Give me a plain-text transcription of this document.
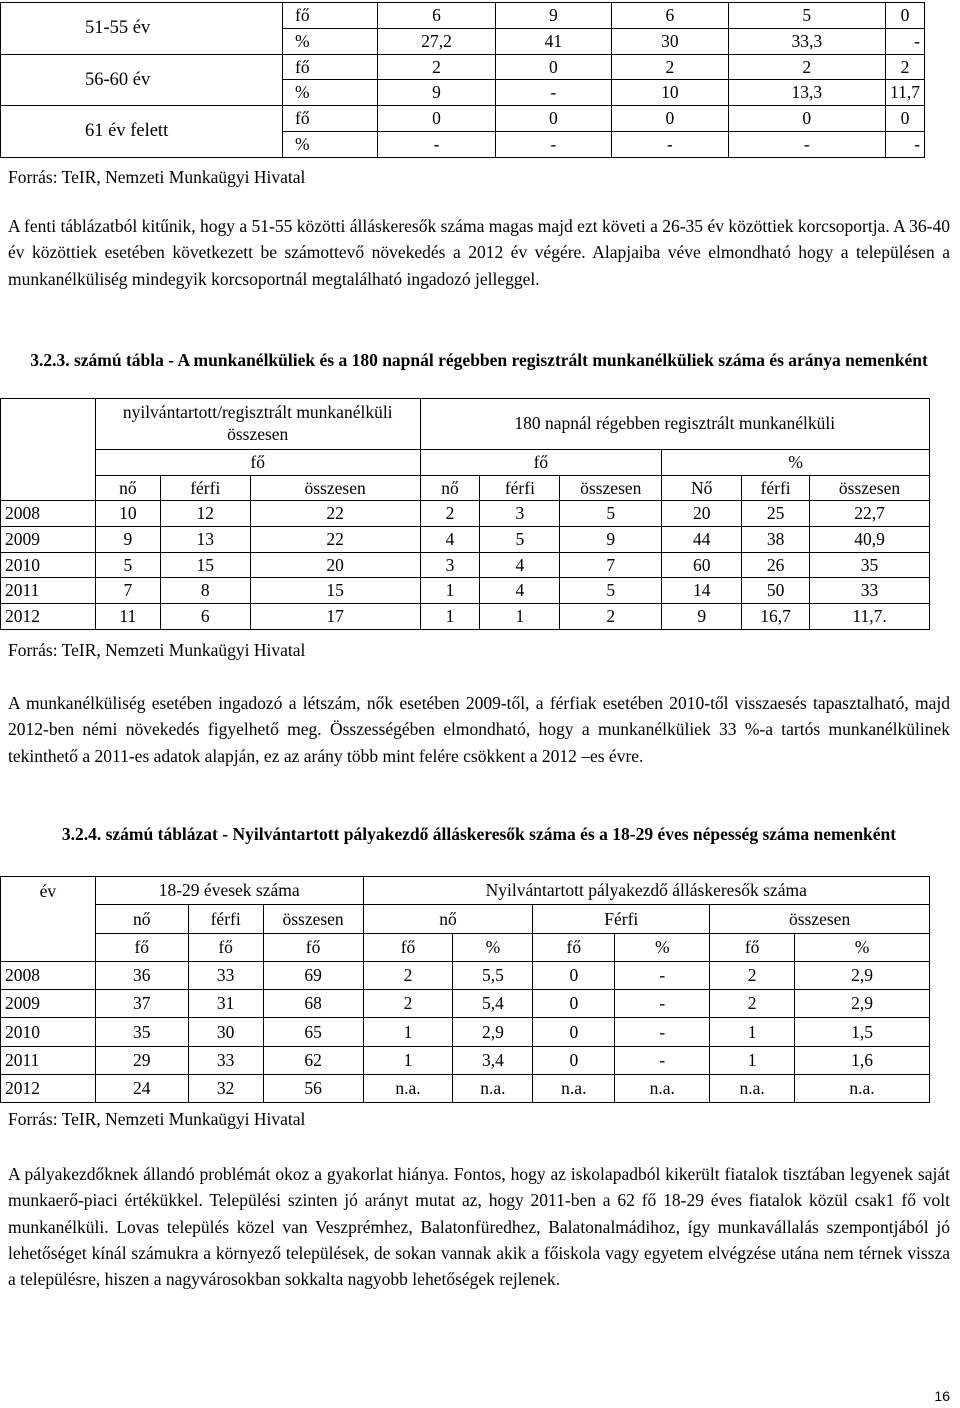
51-55 év	fő	6	9	6	5	0
	%	27,2	41	30	33,3	-
56-60 év	fő	2	0	2	2	2
	%	9	-	10	13,3	11,7
61 év felett	fő	0	0	0	0	0
	%	-	-	-	-	-
Forrás: TeIR, Nemzeti Munkaügyi Hivatal

A fenti táblázatból kitűnik, hogy a 51-55 közötti álláskeresők száma magas majd ezt követi a 26-35 év közöttiek korcsoportja. A 36-40 év közöttiek esetében következett be számottevő növekedés a 2012 év végére. Alapjaiba véve elmondható hogy a településen a munkanélküliség mindegyik korcsoportnál megtalálható ingadozó jelleggel.

3.2.3. számú tábla - A munkanélküliek és a 180 napnál régebben regisztrált munkanélküliek száma és aránya nemenként

	nyilvántartott/regisztrált munkanélküli összesen			180 napnál régebben regisztrált munkanélküli					
	fő			fő			%		
	nő	férfi	összesen	nő	férfi	összesen	Nő	férfi	összesen
2008	10	12	22	2	3	5	20	25	22,7
2009	9	13	22	4	5	9	44	38	40,9
2010	5	15	20	3	4	7	60	26	35
2011	7	8	15	1	4	5	14	50	33
2012	11	6	17	1	1	2	9	16,7	11,7.
Forrás: TeIR, Nemzeti Munkaügyi Hivatal

A munkanélküliség esetében ingadozó a létszám, nők esetében 2009-től, a férfiak esetében 2010-től visszaesés tapasztalható, majd 2012-ben némi növekedés figyelhető meg. Összességében elmondható, hogy a munkanélküliek 33 %-a tartós munkanélkülinek tekinthető a 2011-es adatok alapján, ez az arány több mint felére csökkent a 2012 –es évre.

3.2.4. számú táblázat - Nyilvántartott pályakezdő álláskeresők száma és a 18-29 éves népesség száma nemenként

év	18-29 évesek száma			Nyilvántartott pályakezdő álláskeresők száma					
	nő	férfi	összesen	nő		Férfi		összesen	
	fő	fő	fő	fő	%	fő	%	fő	%
2008	36	33	69	2	5,5	0	-	2	2,9
2009	37	31	68	2	5,4	0	-	2	2,9
2010	35	30	65	1	2,9	0	-	1	1,5
2011	29	33	62	1	3,4	0	-	1	1,6
2012	24	32	56	n.a.	n.a.	n.a.	n.a.	n.a.	n.a.
Forrás: TeIR, Nemzeti Munkaügyi Hivatal

A pályakezdőknek állandó problémát okoz a gyakorlat hiánya. Fontos, hogy az iskolapadból kikerült fiatalok tisztában legyenek saját munkaerő-piaci értékükkel. Települési szinten jó arányt mutat az, hogy 2011-ben a 62 fő 18-29 éves fiatalok közül csak1 fő volt munkanélküli. Lovas település közel van Veszprémhez, Balatonfüredhez, Balatonalmádihoz, így munkavállalás szempontjából jó lehetőséget kínál számukra a környező települések, de sokan vannak akik a főiskola vagy egyetem elvégzése utána nem térnek vissza a településre, hiszen a nagyvárosokban sokkalta nagyobb lehetőségek rejlenek.

16
